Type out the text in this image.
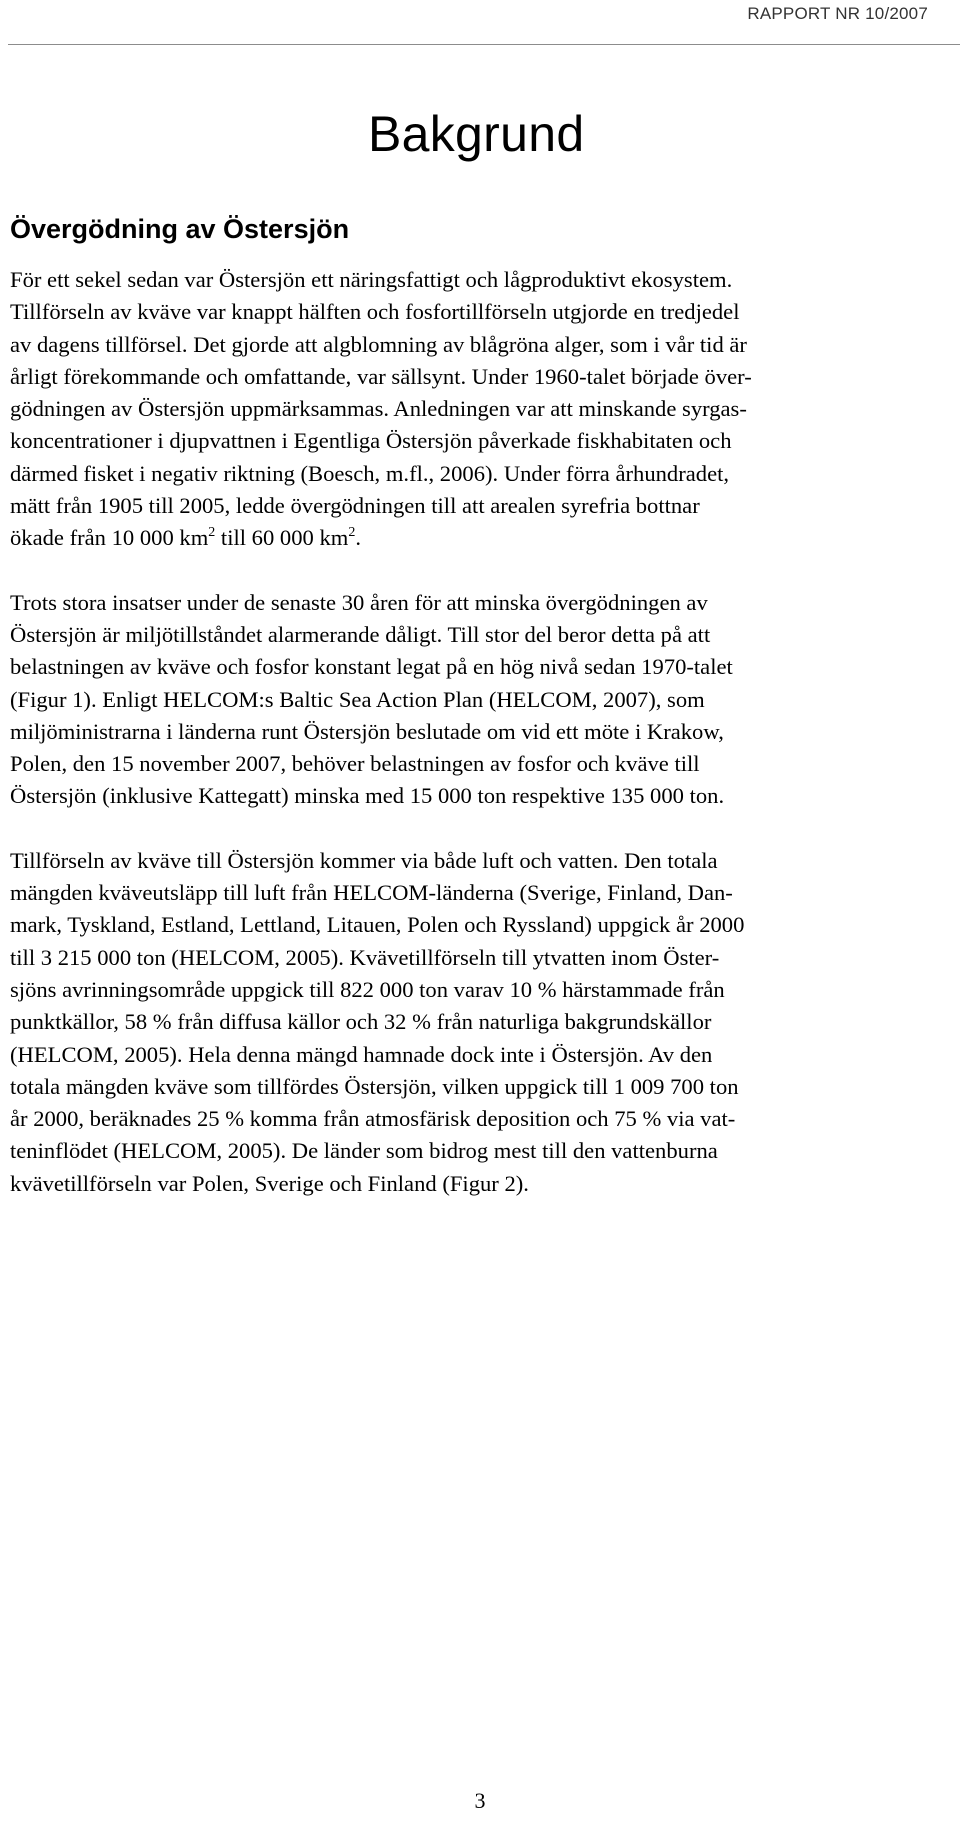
RAPPORT NR 10/2007
Bakgrund
Övergödning av Östersjön

För ett sekel sedan var Östersjön ett näringsfattigt och lågproduktivt ekosystem.
Tillförseln av kväve var knappt hälften och fosfortillförseln utgjorde en tredjedel
av dagens tillförsel. Det gjorde att algblomning av blågröna alger, som i vår tid är
årligt förekommande och omfattande, var sällsynt. Under 1960-talet började över-
gödningen av Östersjön uppmärksammas. Anledningen var att minskande syrgas-
koncentrationer i djupvattnen i Egentliga Östersjön påverkade fiskhabitaten och
därmed fisket i negativ riktning (Boesch, m.fl., 2006). Under förra århundradet,
mätt från 1905 till 2005, ledde övergödningen till att arealen syrefria bottnar
ökade från 10 000 $km^2$ till 60 000 $km^2$.

Trots stora insatser under de senaste 30 åren för att minska övergödningen av
Östersjön är miljötillståndet alarmerande dåligt. Till stor del beror detta på att
belastningen av kväve och fosfor konstant legat på en hög nivå sedan 1970-talet
(Figur 1). Enligt HELCOM:s Baltic Sea Action Plan (HELCOM, 2007), som
miljöministrarna i länderna runt Östersjön beslutade om vid ett möte i Krakow,
Polen, den 15 november 2007, behöver belastningen av fosfor och kväve till
Östersjön (inklusive Kattegatt) minska med 15 000 ton respektive 135 000 ton.

Tillförseln av kväve till Östersjön kommer via både luft och vatten. Den totala
mängden kväveutsläpp till luft från HELCOM-länderna (Sverige, Finland, Dan-
mark, Tyskland, Estland, Lettland, Litauen, Polen och Ryssland) uppgick år 2000
till 3 215 000 ton (HELCOM, 2005). Kvävetillförseln till ytvatten inom Öster-
sjöns avrinningsområde uppgick till 822 000 ton varav 10 % härstammade från
punktkällor, 58 % från diffusa källor och 32 % från naturliga bakgrundskällor
(HELCOM, 2005). Hela denna mängd hamnade dock inte i Östersjön. Av den
totala mängden kväve som tillfördes Östersjön, vilken uppgick till 1 009 700 ton
år 2000, beräknades 25 % komma från atmosfärisk deposition och 75 % via vat-
teninflödet (HELCOM, 2005). De länder som bidrog mest till den vattenburna
kvävetillförseln var Polen, Sverige och Finland (Figur 2).

3
